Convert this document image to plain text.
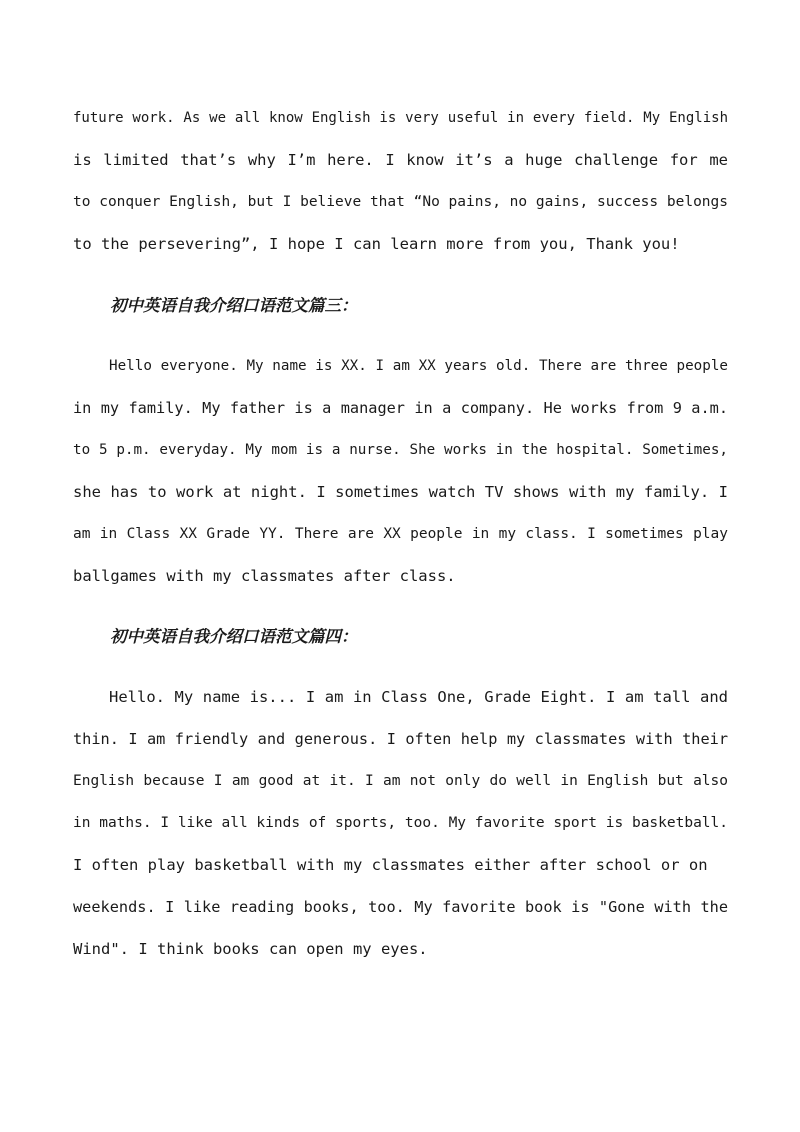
future work. As we all know English is very useful in every field. My English
is limited that’s why I’m here. I know it’s a huge challenge for me
to conquer English, but I believe that “No pains, no gains, success belongs
to the persevering”, I hope I can learn more from you, Thank you!
初中英语自我介绍口语范文篇三：
Hello everyone. My name is XX. I am XX years old. There are three people
in my family. My father is a manager in a company. He works from 9 a.m.
to 5 p.m. everyday. My mom is a nurse. She works in the hospital. Sometimes,
she has to work at night. I sometimes watch TV shows with my family. I
am in Class XX Grade YY. There are XX people in my class. I sometimes play
ballgames with my classmates after class.
初中英语自我介绍口语范文篇四：
Hello. My name is... I am in Class One, Grade Eight. I am tall and
thin. I am friendly and generous. I often help my classmates with their
English because I am good at it. I am not only do well in English but also
in maths. I like all kinds of sports, too. My favorite sport is basketball.
I often play basketball with my classmates either after school or on
weekends. I like reading books, too. My favorite book is "Gone with the
Wind". I think books can open my eyes.
